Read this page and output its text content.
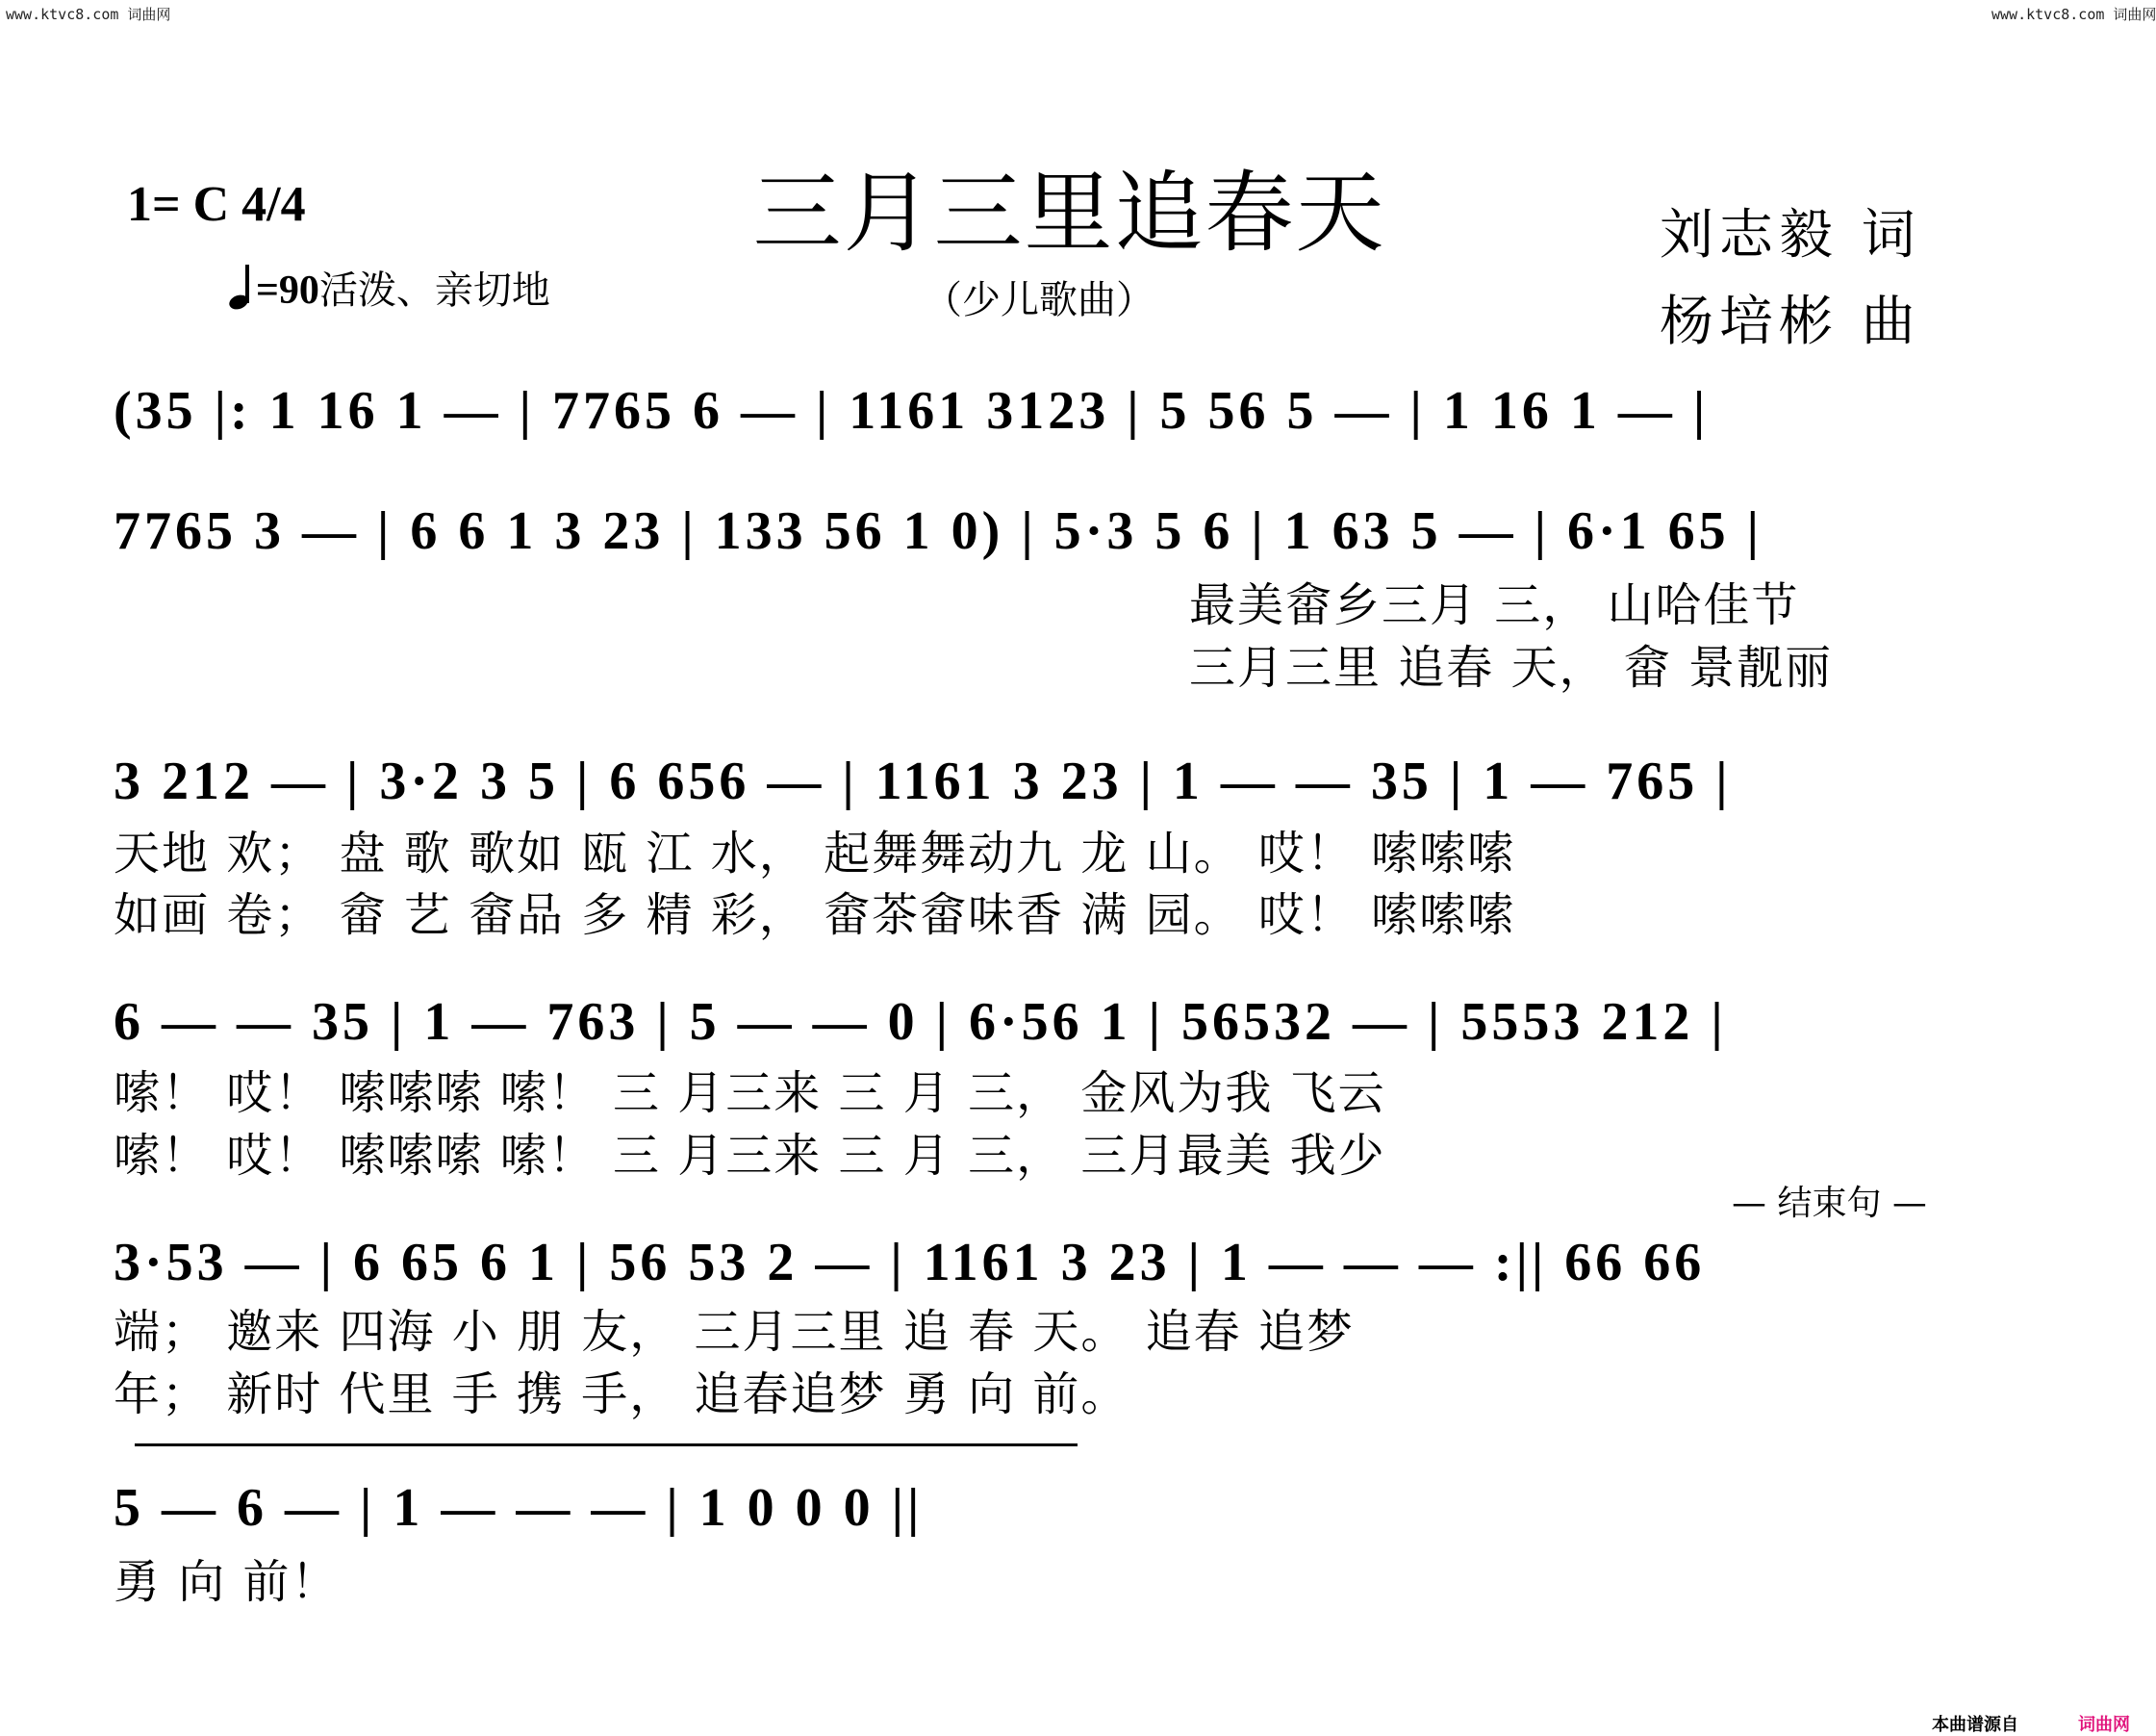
www.ktvc8.com 词曲网	www.ktvc8.com 词曲网
三月三里追春天
1= C 4/4
=90活泼、亲切地	（少儿歌曲）
刘志毅 词
杨培彬 曲
(35 |: 1 16 1 — | 7765 6 — | 1161 3123 | 5 56 5 — | 1 16 1 — |
7765 3 — | 6 6 1 3 23 | 133 56 1 0) | 5·3 5 6 | 1 63 5 — | 6·1 65 |
最美畲乡三月 三， 山哈佳节
三月三里 追春 天， 畲 景靓丽
3 212 — | 3·2 3 5 | 6 656 — | 1161 3 23 | 1 — — 35 | 1 — 765 |
天地 欢； 盘 歌 歌如 瓯 江 水， 起舞舞动九 龙 山。 哎！ 嗦嗦嗦
如画 卷； 畲 艺 畲品 多 精 彩， 畲茶畲味香 满 园。 哎！ 嗦嗦嗦
6 — — 35 | 1 — 763 | 5 — — 0 | 6·56 1 | 56532 — | 5553 212 |
嗦！ 哎！ 嗦嗦嗦 嗦！ 三 月三来 三 月 三， 金风为我 飞云
嗦！ 哎！ 嗦嗦嗦 嗦！ 三 月三来 三 月 三， 三月最美 我少
— 结束句 —
3·53 — | 6 65 6 1 | 56 53 2 — | 1161 3 23 | 1 — — — :|| 66 66
端； 邀来 四海 小 朋 友， 三月三里 追 春 天。 追春 追梦
年； 新时 代里 手 携 手， 追春追梦 勇 向 前。
5 — 6 — | 1 — — — | 1 0 0 0 ||
勇 向 前！
本曲谱源自	词曲网
